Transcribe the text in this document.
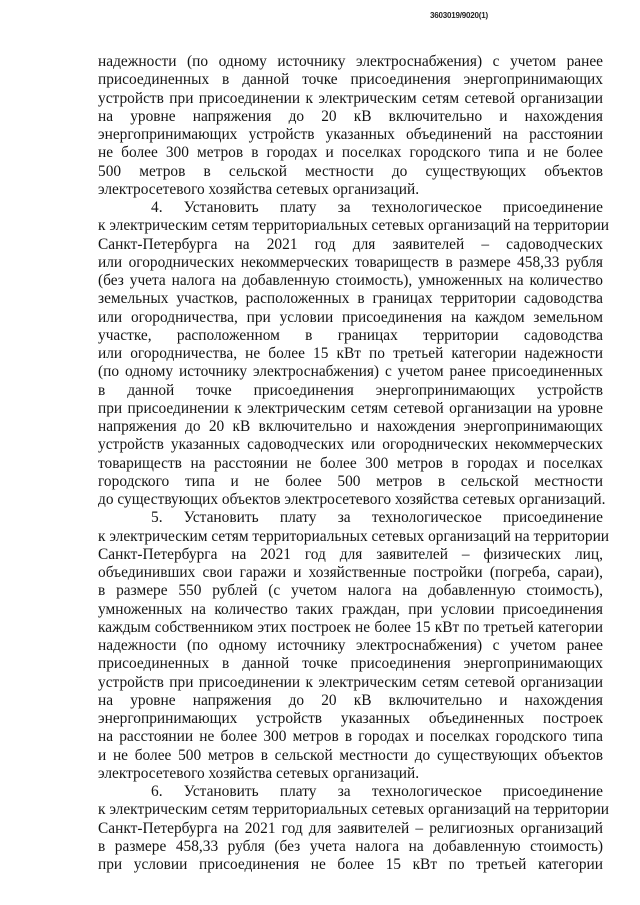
3603019/9020(1)
надежности (по одному источнику электроснабжения) с учетом ранее
присоединенных в данной точке присоединения энергопринимающих
устройств при присоединении к электрическим сетям сетевой организации
на уровне напряжения до 20 кВ включительно и нахождения
энергопринимающих устройств указанных объединений на расстоянии
не более 300 метров в городах и поселках городского типа и не более
500 метров в сельской местности до существующих объектов
электросетевого хозяйства сетевых организаций.
4. Установить плату за технологическое присоединение
к электрическим сетям территориальных сетевых организаций на территории
Санкт-Петербурга на 2021 год для заявителей – садоводческих
или огороднических некоммерческих товариществ в размере 458,33 рубля
(без учета налога на добавленную стоимость), умноженных на количество
земельных участков, расположенных в границах территории садоводства
или огородничества, при условии присоединения на каждом земельном
участке, расположенном в границах территории садоводства
или огородничества, не более 15 кВт по третьей категории надежности
(по одному источнику электроснабжения) с учетом ранее присоединенных
в данной точке присоединения энергопринимающих устройств
при присоединении к электрическим сетям сетевой организации на уровне
напряжения до 20 кВ включительно и нахождения энергопринимающих
устройств указанных садоводческих или огороднических некоммерческих
товариществ на расстоянии не более 300 метров в городах и поселках
городского типа и не более 500 метров в сельской местности
до существующих объектов электросетевого хозяйства сетевых организаций.
5. Установить плату за технологическое присоединение
к электрическим сетям территориальных сетевых организаций на территории
Санкт-Петербурга на 2021 год для заявителей – физических лиц,
объединивших свои гаражи и хозяйственные постройки (погреба, сараи),
в размере 550 рублей (с учетом налога на добавленную стоимость),
умноженных на количество таких граждан, при условии присоединения
каждым собственником этих построек не более 15 кВт по третьей категории
надежности (по одному источнику электроснабжения) с учетом ранее
присоединенных в данной точке присоединения энергопринимающих
устройств при присоединении к электрическим сетям сетевой организации
на уровне напряжения до 20 кВ включительно и нахождения
энергопринимающих устройств указанных объединенных построек
на расстоянии не более 300 метров в городах и поселках городского типа
и не более 500 метров в сельской местности до существующих объектов
электросетевого хозяйства сетевых организаций.
6. Установить плату за технологическое присоединение
к электрическим сетям территориальных сетевых организаций на территории
Санкт-Петербурга на 2021 год для заявителей – религиозных организаций
в размере 458,33 рубля (без учета налога на добавленную стоимость)
при условии присоединения не более 15 кВт по третьей категории
